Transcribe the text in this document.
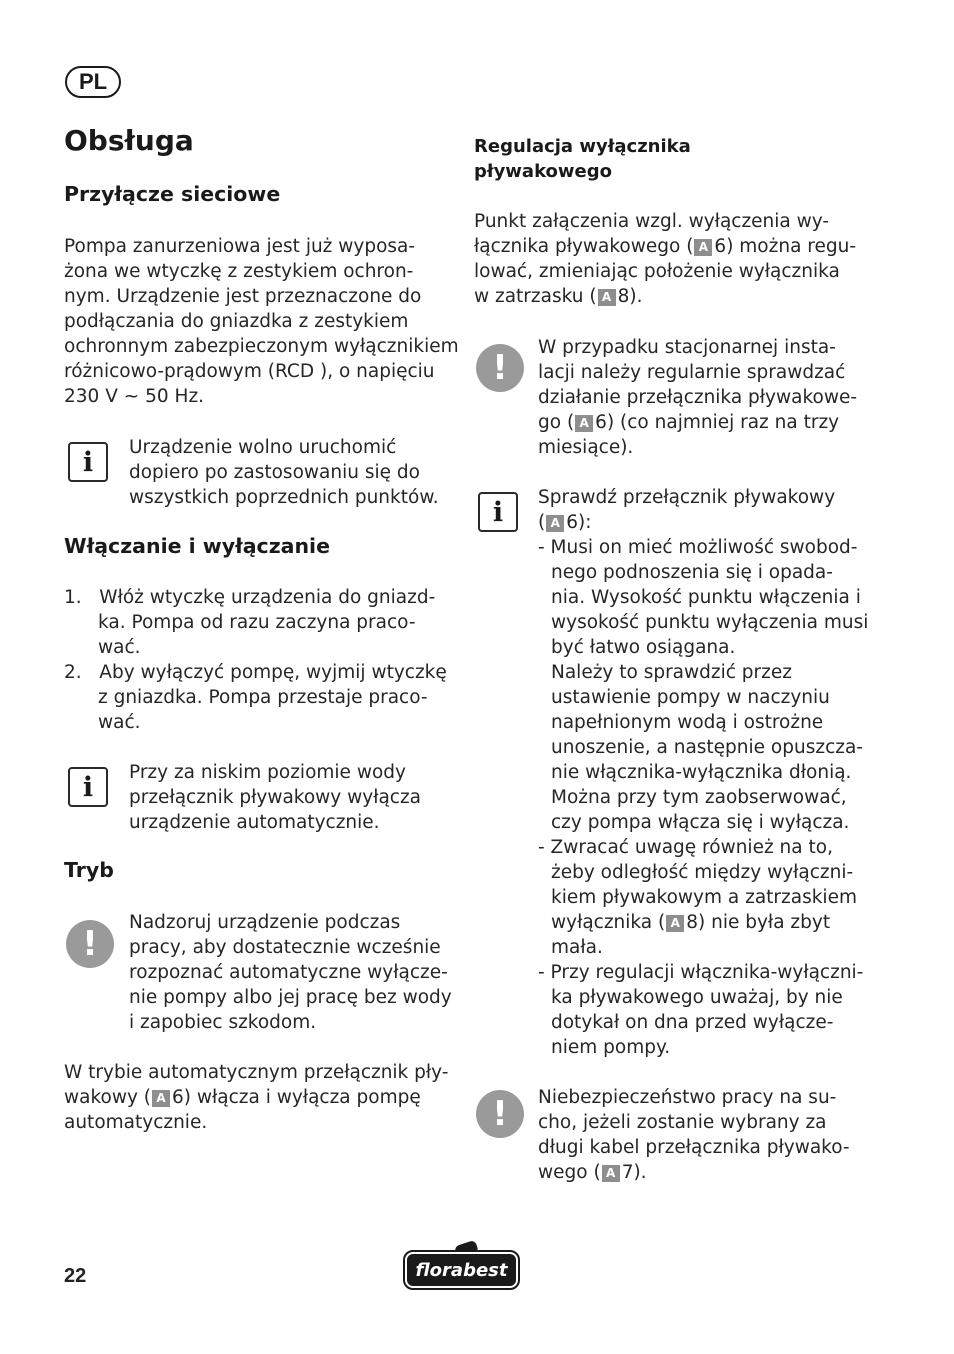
PL
Obsługa
Przyłącze sieciowe
Pompa zanurzeniowa jest już wyposa-
żona we wtyczkę z zestykiem ochron-
nym. Urządzenie jest przeznaczone do
podłączania do gniazdka z zestykiem
ochronnym zabezpieczonym wyłącznikiem
różnicowo-prądowym (RCD ), o napięciu
230 V ~ 50 Hz.
i Urządzenie wolno uruchomić
dopiero po zastosowaniu się do
wszystkich poprzednich punktów.
Włączanie i wyłączanie
1.	Włóż wtyczkę urządzenia do gniazd-
ka. Pompa od razu zaczyna praco-
wać.
2.	Aby wyłączyć pompę, wyjmij wtyczkę
z gniazdka. Pompa przestaje praco-
wać.
i Przy za niskim poziomie wody
przełącznik pływakowy wyłącza
urządzenie automatycznie.
Tryb
!
Nadzoruj urządzenie podczas
pracy, aby dostatecznie wcześnie
rozpoznać automatyczne wyłącze-
nie pompy albo jej pracę bez wody
i zapobiec szkodom.
W trybie automatycznym przełącznik pły-
wakowy ( A 6) włącza i wyłącza pompę
automatycznie.
Regulacja wyłącznika
pływakowego
Punkt załączenia wzgl. wyłączenia wy-
łącznika pływakowego ( A 6) można regu-
lować, zmieniając położenie wyłącznika
w zatrzasku ( A 8).
!
W przypadku stacjonarnej insta-
lacji należy regularnie sprawdzać
działanie przełącznika pływakowe-
go ( A 6) (co najmniej raz na trzy
miesiące).
i Sprawdź przełącznik pływakowy
( A 6):
- Musi on mieć możliwość swobod-
nego podnoszenia się i opada-
nia. Wysokość punktu włączenia i
wysokość punktu wyłączenia musi
być łatwo osiągana.
Należy to sprawdzić przez
ustawienie pompy w naczyniu
napełnionym wodą i ostrożne
unoszenie, a następnie opuszcza-
nie włącznika-wyłącznika dłonią.
Można przy tym zaobserwować,
czy pompa włącza się i wyłącza.
- Zwracać uwagę również na to,
żeby odległość między wyłączni-
kiem pływakowym a zatrzaskiem
wyłącznika ( A 8) nie była zbyt
mała.
- Przy regulacji włącznika-wyłączni-
ka pływakowego uważaj, by nie
dotykał on dna przed wyłącze-
niem pompy.
! Niebezpieczeństwo pracy na su-
cho, jeżeli zostanie wybrany za
długi kabel przełącznika pływako-
wego ( A 7).
22	florabest
